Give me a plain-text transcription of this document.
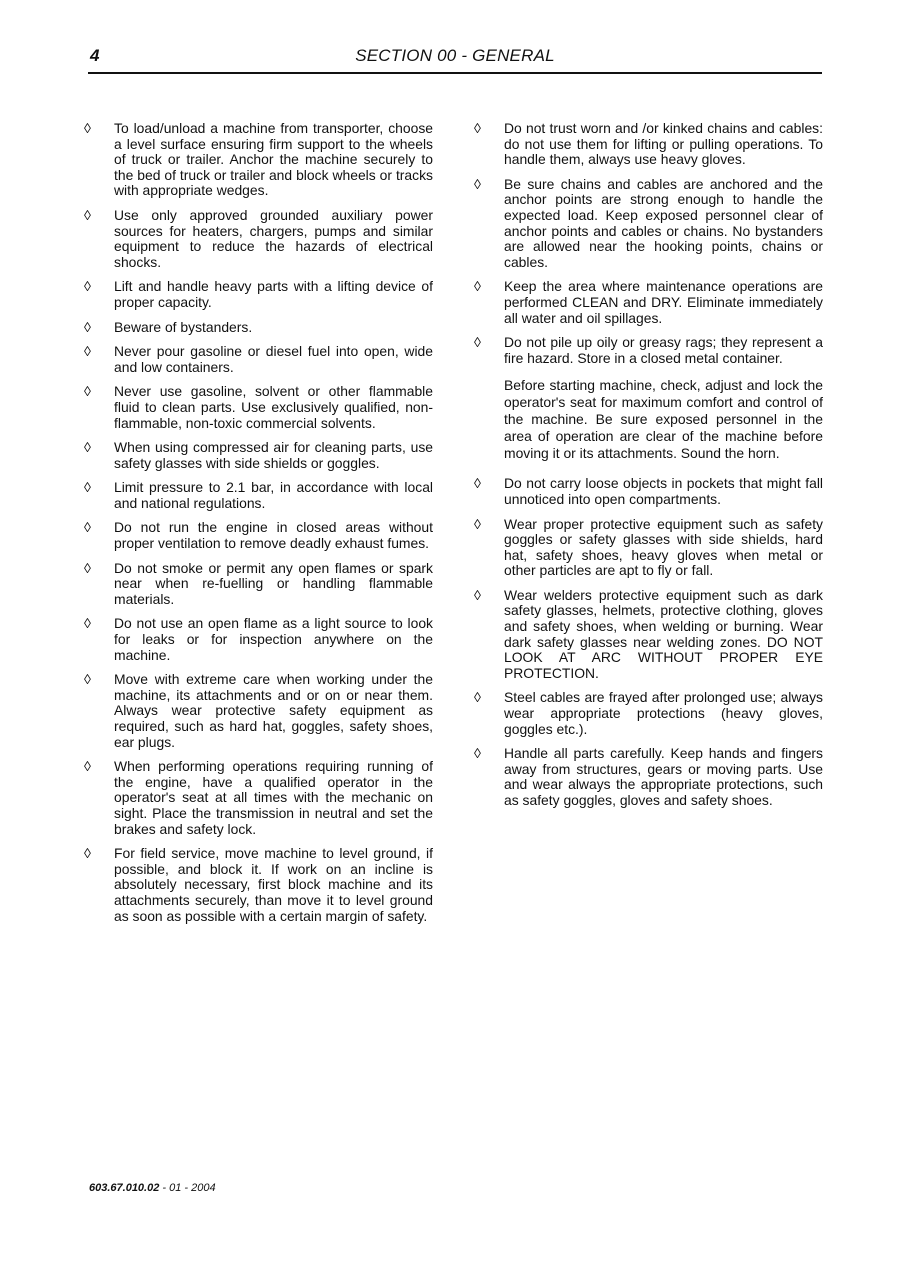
4	SECTION 00 - GENERAL
◊ To load/unload a machine from transporter, choose a level surface ensuring firm support to the wheels of truck or trailer. Anchor the machine securely to the bed of truck or trailer and block wheels or tracks with appropriate wedges.
◊ Use only approved grounded auxiliary power sources for heaters, chargers, pumps and similar equipment to reduce the hazards of electrical shocks.
◊ Lift and handle heavy parts with a lifting device of proper capacity.
◊ Beware of bystanders.
◊ Never pour gasoline or diesel fuel into open, wide and low containers.
◊ Never use gasoline, solvent or other flammable fluid to clean parts. Use exclusively qualified, non-flammable, non-toxic commercial solvents.
◊ When using compressed air for cleaning parts, use safety glasses with side shields or goggles.
◊ Limit pressure to 2.1 bar, in accordance with local and national regulations.
◊ Do not run the engine in closed areas without proper ventilation to remove deadly exhaust fumes.
◊ Do not smoke or permit any open flames or spark near when re-fuelling or handling flammable materials.
◊ Do not use an open flame as a light source to look for leaks or for inspection anywhere on the machine.
◊ Move with extreme care when working under the machine, its attachments and or on or near them. Always wear protective safety equipment as required, such as hard hat, goggles, safety shoes, ear plugs.
◊ When performing operations requiring running of the engine, have a qualified operator in the operator's seat at all times with the mechanic on sight. Place the transmission in neutral and set the brakes and safety lock.
◊ For field service, move machine to level ground, if possible, and block it. If work on an incline is absolutely necessary, first block machine and its attachments securely, than move it to level ground as soon as possible with a certain margin of safety.
◊ Do not trust worn and /or kinked chains and cables: do not use them for lifting or pulling operations. To handle them, always use heavy gloves.
◊ Be sure chains and cables are anchored and the anchor points are strong enough to handle the expected load. Keep exposed personnel clear of anchor points and cables or chains. No bystanders are allowed near the hooking points, chains or cables.
◊ Keep the area where maintenance operations are performed CLEAN and DRY. Eliminate immediately all water and oil spillages.
◊ Do not pile up oily or greasy rags; they represent a fire hazard. Store in a closed metal container.

Before starting machine, check, adjust and lock the operator's seat for maximum comfort and control of the machine. Be sure exposed personnel in the area of operation are clear of the machine before moving it or its attachments. Sound the horn.

◊ Do not carry loose objects in pockets that might fall unnoticed into open compartments.
◊ Wear proper protective equipment such as safety goggles or safety glasses with side shields, hard hat, safety shoes, heavy gloves when metal or other particles are apt to fly or fall.
◊ Wear welders protective equipment such as dark safety glasses, helmets, protective clothing, gloves and safety shoes, when welding or burning. Wear dark safety glasses near welding zones. DO NOT LOOK AT ARC WITHOUT PROPER EYE PROTECTION.
◊ Steel cables are frayed after prolonged use; always wear appropriate protections (heavy gloves, goggles etc.).
◊ Handle all parts carefully. Keep hands and fingers away from structures, gears or moving parts. Use and wear always the appropriate protections, such as safety goggles, gloves and safety shoes.
603.67.010.02 - 01 - 2004
